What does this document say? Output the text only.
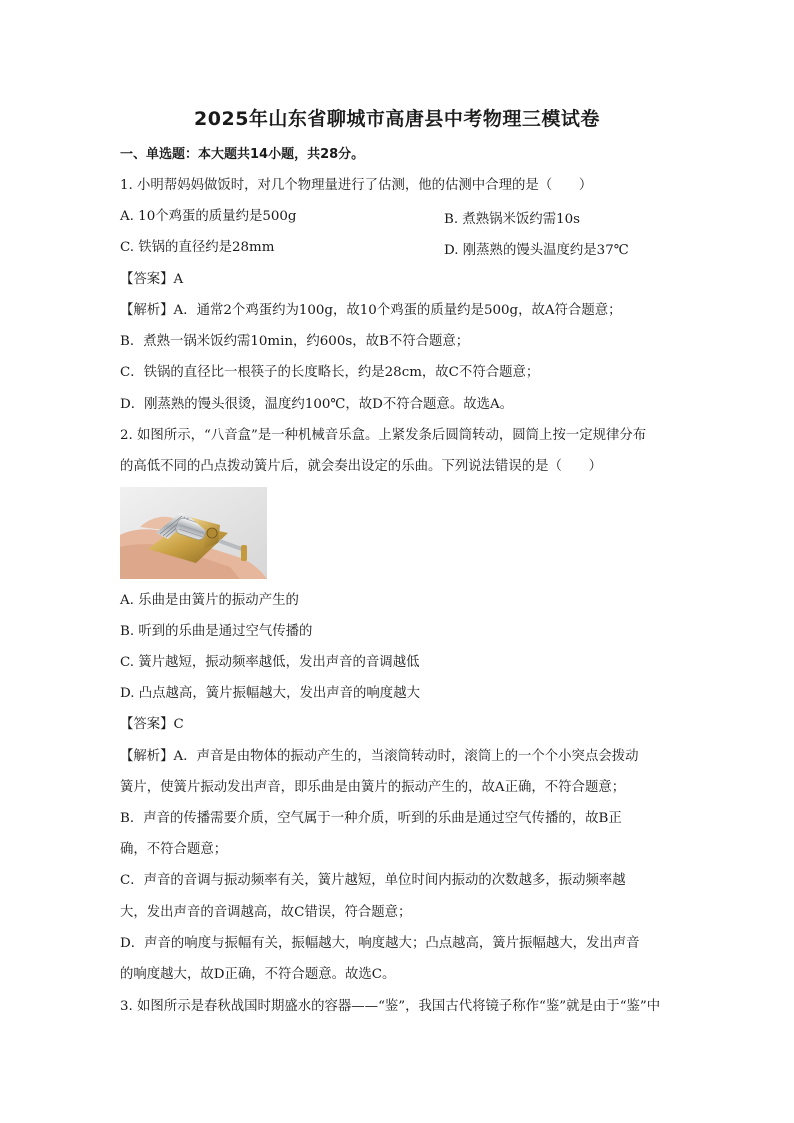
2025年山东省聊城市高唐县中考物理三模试卷
一、单选题：本大题共14小题，共28分。
1. 小明帮妈妈做饭时，对几个物理量进行了估测，他的估测中合理的是（　　）
A. 10个鸡蛋的质量约是500g	B. 煮熟锅米饭约需10s
C. 铁锅的直径约是28mm	D. 刚蒸熟的馒头温度约是37℃
【答案】A
【解析】A．通常2个鸡蛋约为100g，故10个鸡蛋的质量约是500g，故A符合题意；
B．煮熟一锅米饭约需10min，约600s，故B不符合题意；
C．铁锅的直径比一根筷子的长度略长，约是28cm，故C不符合题意；
D．刚蒸熟的馒头很烫，温度约100℃，故D不符合题意。故选A。
2. 如图所示，“八音盒”是一种机械音乐盒。上紧发条后圆筒转动，圆筒上按一定规律分布
的高低不同的凸点拨动簧片后，就会奏出设定的乐曲。下列说法错误的是（　　）
A. 乐曲是由簧片的振动产生的
B. 听到的乐曲是通过空气传播的
C. 簧片越短，振动频率越低，发出声音的音调越低
D. 凸点越高，簧片振幅越大，发出声音的响度越大
【答案】C
【解析】A．声音是由物体的振动产生的，当滚筒转动时，滚筒上的一个个小突点会拨动
簧片，使簧片振动发出声音，即乐曲是由簧片的振动产生的，故A正确，不符合题意；
B．声音的传播需要介质，空气属于一种介质，听到的乐曲是通过空气传播的，故B正
确，不符合题意；
C．声音的音调与振动频率有关，簧片越短，单位时间内振动的次数越多，振动频率越
大，发出声音的音调越高，故C错误，符合题意；
D．声音的响度与振幅有关，振幅越大，响度越大；凸点越高，簧片振幅越大，发出声音
的响度越大，故D正确，不符合题意。故选C。
3. 如图所示是春秋战国时期盛水的容器——“鉴”，我国古代将镜子称作“鉴”就是由于“鉴”中
